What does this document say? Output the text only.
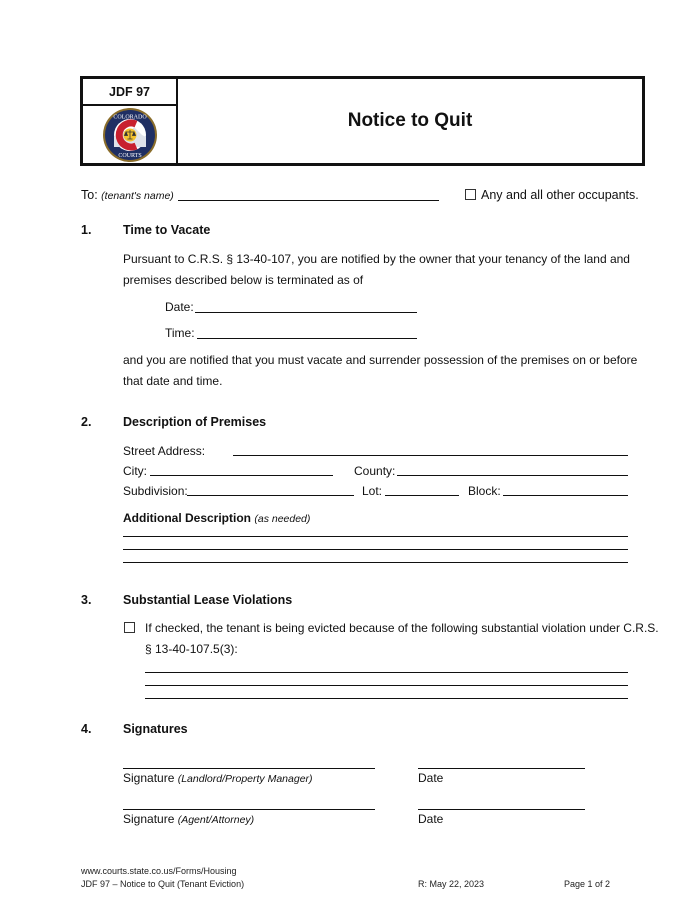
JDF 97
COLORADO
COURTS
Notice to Quit
To: (tenant's name)	Any and all other occupants.
1.	Time to Vacate
Pursuant to C.R.S. § 13-40-107, you are notified by the owner that your tenancy of the land and
premises described below is terminated as of
Date:
Time:
and you are notified that you must vacate and surrender possession of the premises on or before
that date and time.
2.	Description of Premises
Street Address:
City:	County:
Subdivision:	Lot:	Block:
Additional Description (as needed)
3.	Substantial Lease Violations
If checked, the tenant is being evicted because of the following substantial violation under C.R.S.
§ 13-40-107.5(3):
4.	Signatures
Signature (Landlord/Property Manager)	Date
Signature (Agent/Attorney)	Date
www.courts.state.co.us/Forms/Housing
JDF 97 – Notice to Quit (Tenant Eviction)	R: May 22, 2023	Page 1 of 2
